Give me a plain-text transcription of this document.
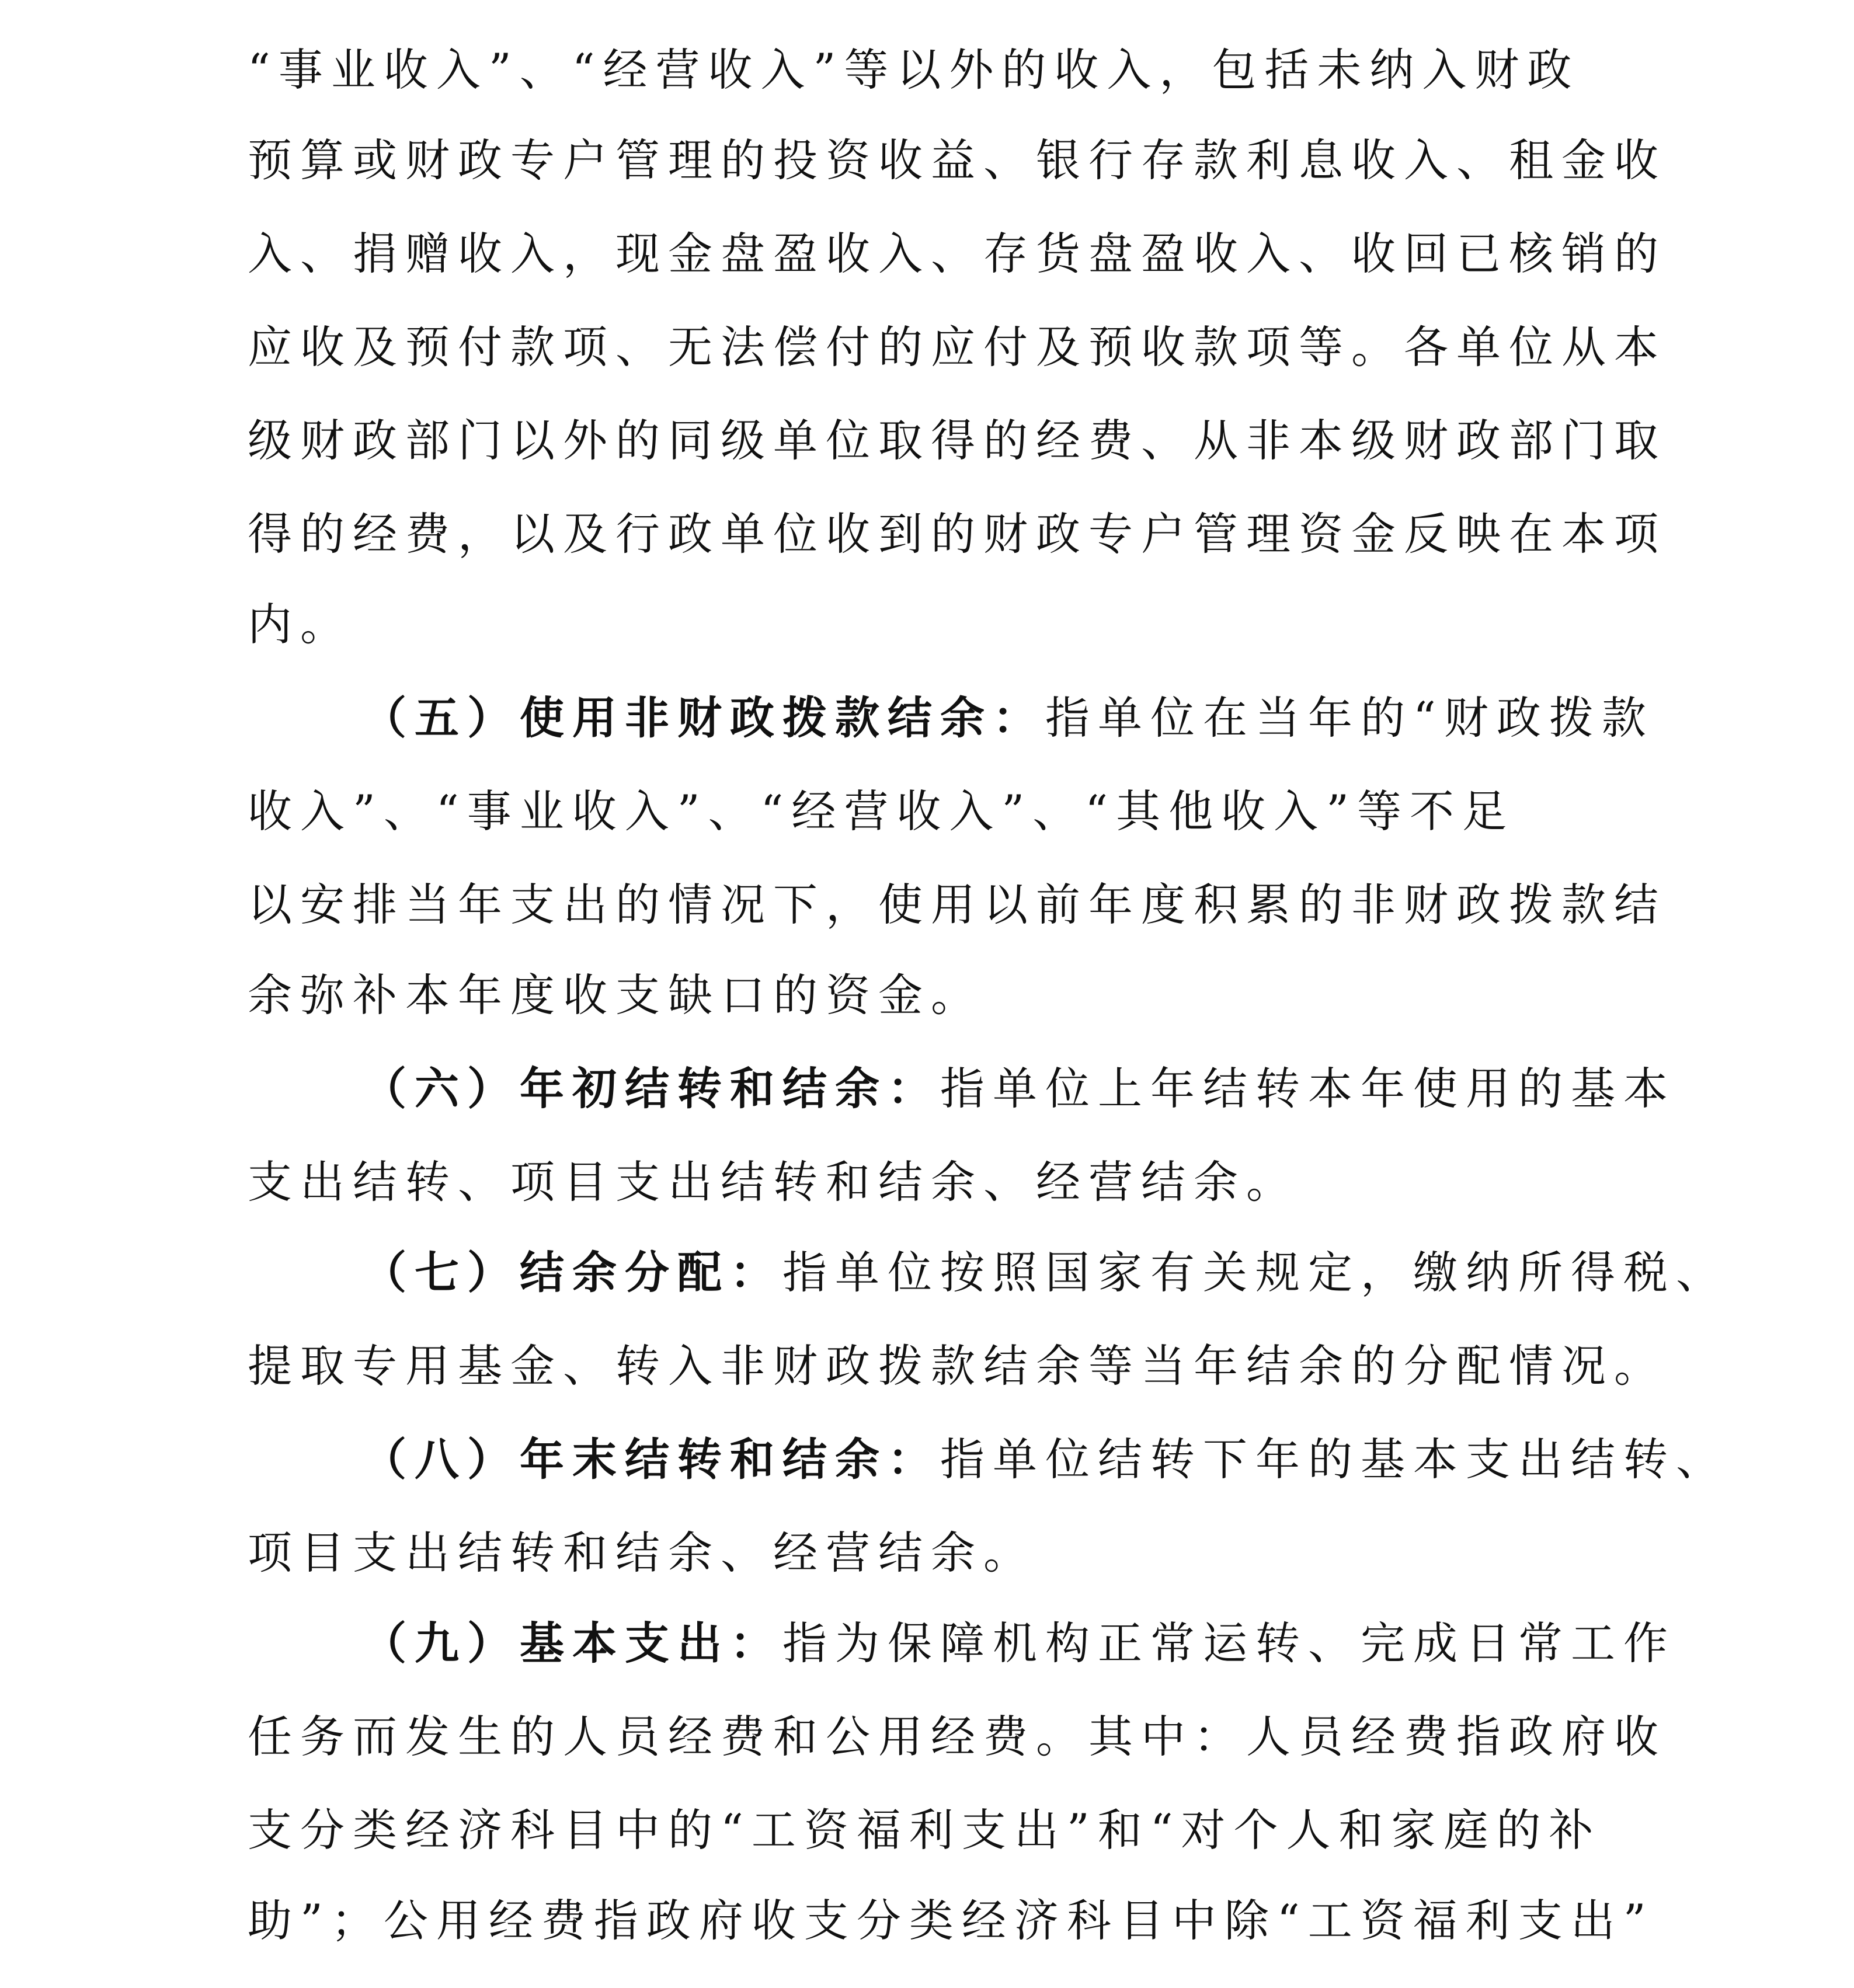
“事业收入”、“经营收入”等以外的收入，包括未纳入财政
预算或财政专户管理的投资收益、银行存款利息收入、租金收
入、捐赠收入，现金盘盈收入、存货盘盈收入、收回已核销的
应收及预付款项、无法偿付的应付及预收款项等。各单位从本
级财政部门以外的同级单位取得的经费、从非本级财政部门取
得的经费，以及行政单位收到的财政专户管理资金反映在本项
内。
（五）使用非财政拨款结余：指单位在当年的“财政拨款
收入”、“事业收入”、“经营收入”、“其他收入”等不足
以安排当年支出的情况下，使用以前年度积累的非财政拨款结
余弥补本年度收支缺口的资金。
（六）年初结转和结余：指单位上年结转本年使用的基本
支出结转、项目支出结转和结余、经营结余。
（七）结余分配：指单位按照国家有关规定，缴纳所得税、
提取专用基金、转入非财政拨款结余等当年结余的分配情况。
（八）年末结转和结余：指单位结转下年的基本支出结转、
项目支出结转和结余、经营结余。
（九）基本支出：指为保障机构正常运转、完成日常工作
任务而发生的人员经费和公用经费。其中：人员经费指政府收
支分类经济科目中的“工资福利支出”和“对个人和家庭的补
助”；公用经费指政府收支分类经济科目中除“工资福利支出”
